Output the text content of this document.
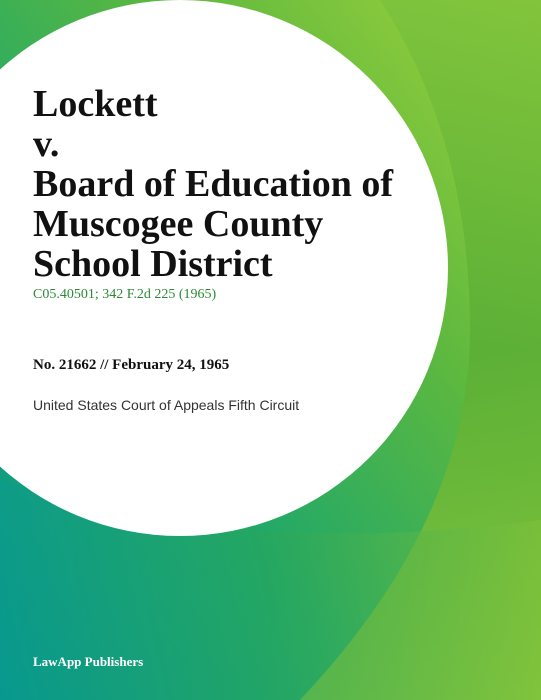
Lockett
v.
Board of Education of
Muscogee County
School District
C05.40501; 342 F.2d 225 (1965)
No. 21662 // February 24, 1965
United States Court of Appeals Fifth Circuit
LawApp Publishers
